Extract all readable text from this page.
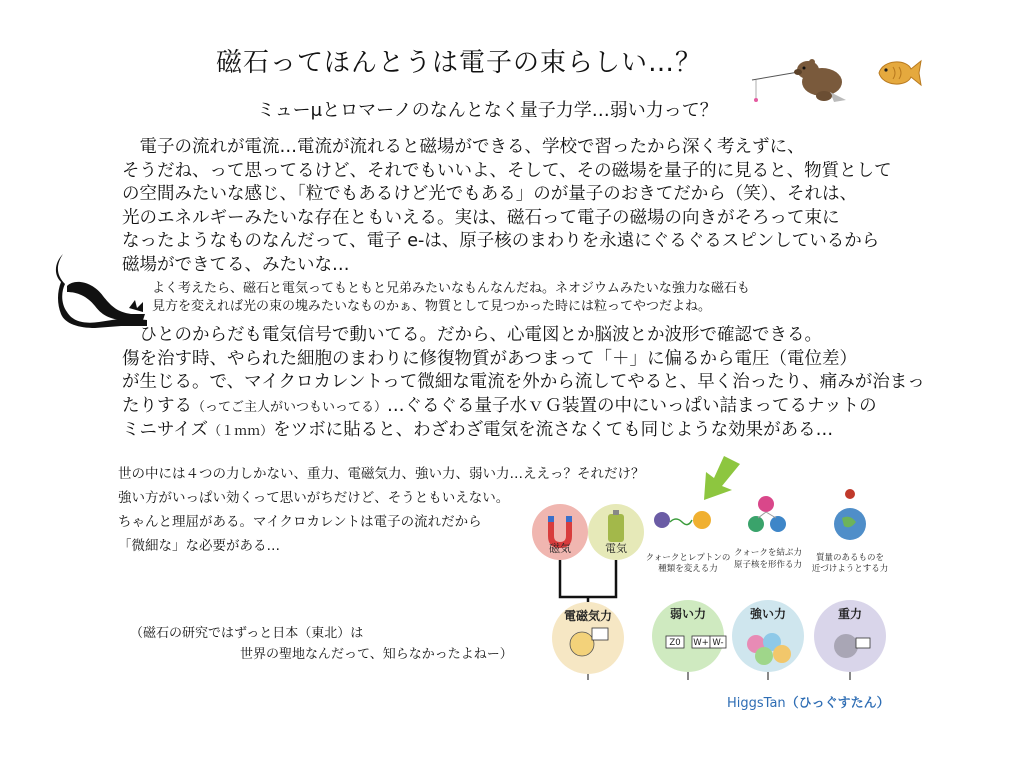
磁石ってほんとうは電子の束らしい…？
ミューμとロマーノのなんとなく量子力学…弱い力って？
　電子の流れが電流…電流が流れると磁場ができる、学校で習ったから深く考えずに、
そうだね、って思ってるけど、それでもいいよ、そして、その磁場を量子的に見ると、物質として
の空間みたいな感じ、「粒でもあるけど光でもある」のが量子のおきてだから（笑）、それは、
光のエネルギーみたいな存在ともいえる。実は、磁石って電子の磁場の向きがそろって束に
なったようなものなんだって、電子 e-は、原子核のまわりを永遠にぐるぐるスピンしているから
磁場ができてる、みたいな…
よく考えたら、磁石と電気ってもともと兄弟みたいなもんなんだね。ネオジウムみたいな強力な磁石も
見方を変えれば光の束の塊みたいなものかぁ、物質として見つかった時には粒ってやつだよね。
　ひとのからだも電気信号で動いてる。だから、心電図とか脳波とか波形で確認できる。
傷を治す時、やられた細胞のまわりに修復物質があつまって「＋」に偏るから電圧（電位差）
が生じる。で、マイクロカレントって微細な電流を外から流してやると、早く治ったり、痛みが治まっ
たりする（ってご主人がいつもいってる）…ぐるぐる量子水ｖＧ装置の中にいっぱい詰まってるナットの
ミニサイズ（１ｍｍ）をツボに貼ると、わざわざ電気を流さなくても同じような効果がある…
世の中には４つの力しかない、重力、電磁気力、強い力、弱い力…ええっ？それだけ？
強い方がいっぱい効くって思いがちだけど、そうともいえない。
ちゃんと理屈がある。マイクロカレントは電子の流れだから
「微細な」な必要がある…
（磁石の研究ではずっと日本（東北）は
世界の聖地なんだって、知らなかったよねー）
磁気	電気
電磁気力
クォークとレプトンの
種類を変える力
クォークを結ぶ力
原子核を形作る力
質量のあるものを
近づけようとする力
弱い力
Z0 W+ W-
強い力	重力
HiggsTan（ひっぐすたん）
